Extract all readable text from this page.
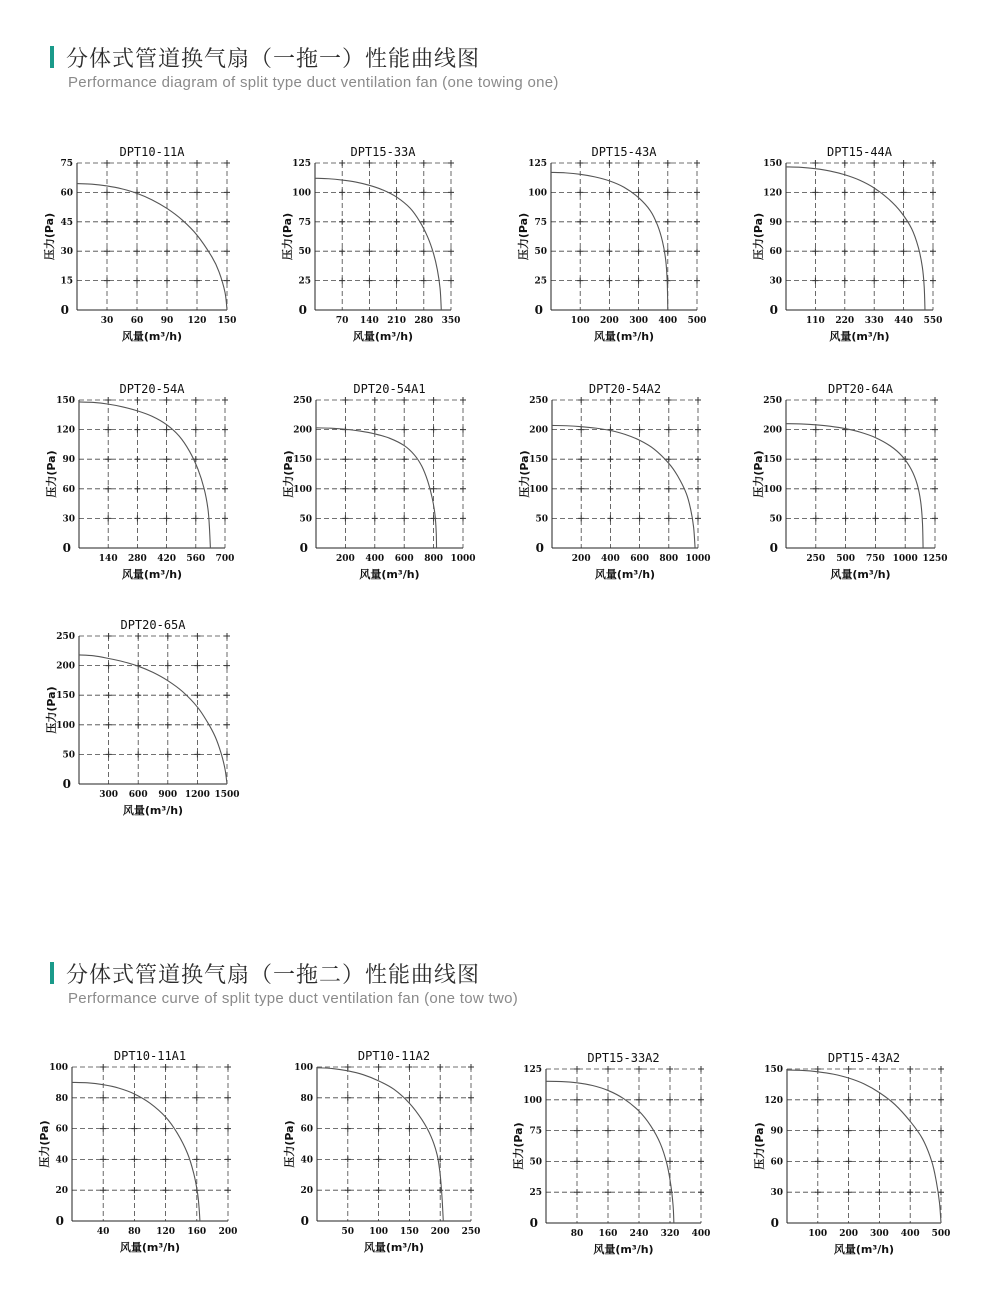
分体式管道换气扇（一拖一）性能曲线图
Performance diagram of split type duct ventilation fan (one towing one)
分体式管道换气扇（一拖二）性能曲线图
Performance curve of split type duct ventilation fan (one tow two)
30 60 90 120 150
15
30
45
60
75
0
DPT10-11A
风量(m³/h)
压力(Pa)
70 140 210 280 350
25
50
75
100
125
0
DPT15-33A
风量(m³/h)
压力(Pa)
100 200 300 400 500
25
50
75
100
125
0
DPT15-43A
风量(m³/h)
压力(Pa)
110 220 330 440 550
30
60
90
120
150
0
DPT15-44A
风量(m³/h)
压力(Pa)
140 280 420 560 700
30
60
90
120
150
0
DPT20-54A
风量(m³/h)
压力(Pa)
200 400 600 800 1000
50
100
150
200
250
0
DPT20-54A1
风量(m³/h)
压力(Pa)
200 400 600 800 1000
50
100
150
200
250
0
DPT20-54A2
风量(m³/h)
压力(Pa)
250 500 750 1000 1250
50
100
150
200
250
0
DPT20-64A
风量(m³/h)
压力(Pa)
300 600 900 1200 1500
50
100
150
200
250
0
DPT20-65A
风量(m³/h)
压力(Pa)
40 80 120 160 200
20
40
60
80
100
0
DPT10-11A1
风量(m³/h)
压力(Pa)
50 100 150 200 250
20
40
60
80
100
0
DPT10-11A2
风量(m³/h)
压力(Pa)
80 160 240 320 400
25
50
75
100
125
0
DPT15-33A2
风量(m³/h)
压力(Pa)
100 200 300 400 500
30
60
90
120
150
0
DPT15-43A2
风量(m³/h)
压力(Pa)
